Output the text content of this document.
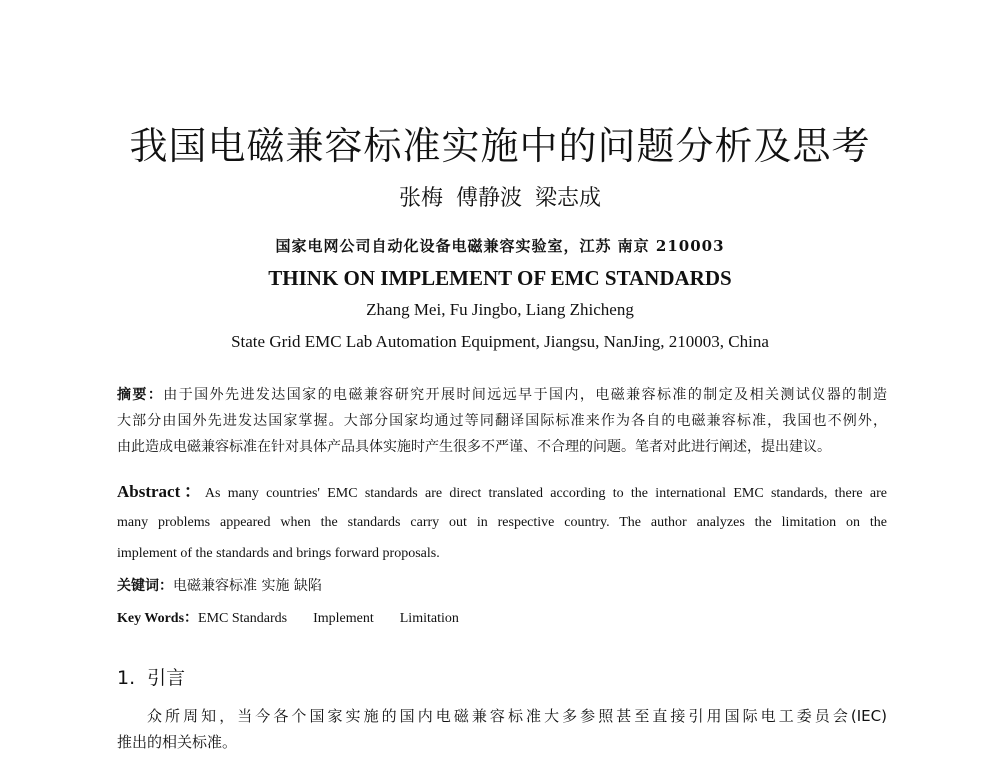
我国电磁兼容标准实施中的问题分析及思考
张梅 傅静波 梁志成
国家电网公司自动化设备电磁兼容实验室，江苏 南京 210003
THINK ON IMPLEMENT OF EMC STANDARDS
Zhang Mei, Fu Jingbo, Liang Zhicheng
State Grid EMC Lab Automation Equipment, Jiangsu, NanJing, 210003, China
摘要：由于国外先进发达国家的电磁兼容研究开展时间远远早于国内，电磁兼容标准的制定及相关测试仪器的制造
大部分由国外先进发达国家掌握。大部分国家均通过等同翻译国际标准来作为各自的电磁兼容标准，我国也不例外，
由此造成电磁兼容标准在针对具体产品具体实施时产生很多不严谨、不合理的问题。笔者对此进行阐述，提出建议。
Abstract：As many countries' EMC standards are direct translated according to the international EMC standards, there are
many problems appeared when the standards carry out in respective country. The author analyzes the limitation on the
implement of the standards and brings forward proposals.
关键词：电磁兼容标准 实施 缺陷
Key Words：EMC Standards Implement Limitation
1. 引言
众所周知，当今各个国家实施的国内电磁兼容标准大多参照甚至直接引用国际电工委员会(IEC)
推出的相关标准。
